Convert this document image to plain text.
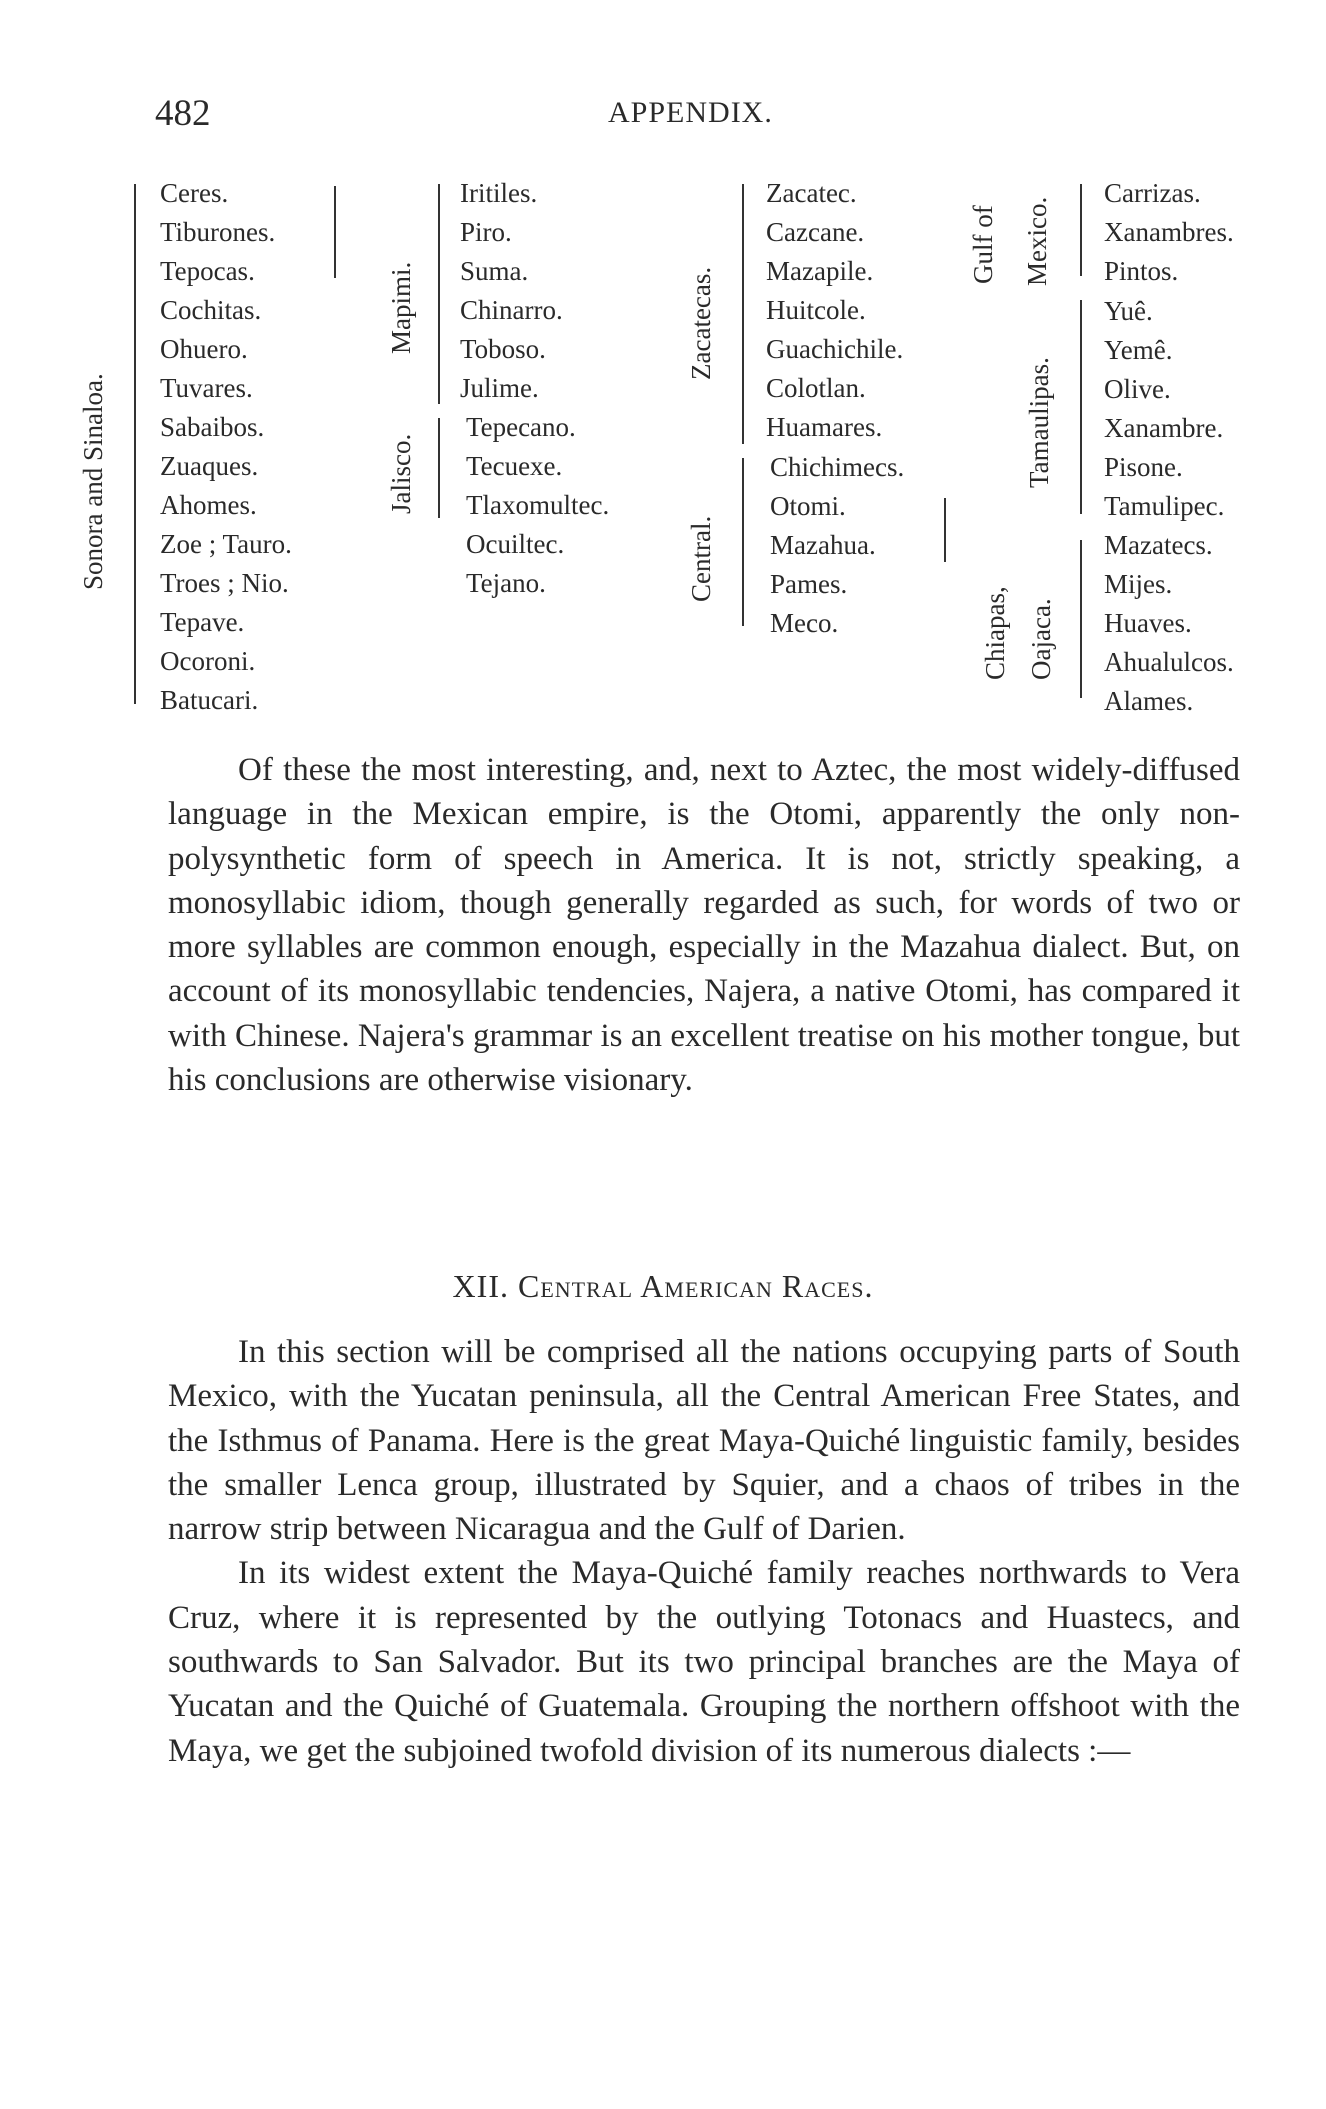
482	APPENDIX.
Sonora and Sinaloa.
Ceres.
Tiburones.
Tepocas.
Cochitas.
Ohuero.
Tuvares.
Sabaibos.
Zuaques.
Ahomes.
Zoe ; Tauro.
Troes ; Nio.
Tepave.
Ocoroni.
Batucari.
Mapimi.
Iritiles.
Piro.
Suma.
Chinarro.
Toboso.
Julime.
Jalisco.
Tepecano.
Tecuexe.
Tlaxomultec.
Ocuiltec.
Tejano.
Zacatecas.
Zacatec.
Cazcane.
Mazapile.
Huitcole.
Guachichile.
Colotlan.
Huamares.
Central.
Chichimecs.
Otomi.
Mazahua.
Pames.
Meco.
Gulf of Mexico.
Carrizas.
Xanambres.
Pintos.
Tamaulipas.
Yuê.
Yemê.
Olive.
Xanambre.
Pisone.
Tamulipec.
Chiapas, Oajaca.
Mazatecs.
Mijes.
Huaves.
Ahualulcos.
Alames.

Of these the most interesting, and, next to Aztec, the most widely-diffused language in the Mexican empire, is the Otomi, apparently the only non-polysynthetic form of speech in America. It is not, strictly speaking, a monosyllabic idiom, though generally regarded as such, for words of two or more syllables are common enough, especially in the Mazahua dialect. But, on account of its monosyllabic tendencies, Najera, a native Otomi, has compared it with Chinese. Najera's grammar is an excellent treatise on his mother tongue, but his conclusions are otherwise visionary.

XII. Central American Races.

In this section will be comprised all the nations occupying parts of South Mexico, with the Yucatan peninsula, all the Central American Free States, and the Isthmus of Panama. Here is the great Maya-Quiché linguistic family, besides the smaller Lenca group, illustrated by Squier, and a chaos of tribes in the narrow strip between Nicaragua and the Gulf of Darien.

In its widest extent the Maya-Quiché family reaches northwards to Vera Cruz, where it is represented by the outlying Totonacs and Huastecs, and southwards to San Salvador. But its two principal branches are the Maya of Yucatan and the Quiché of Guatemala. Grouping the northern offshoot with the Maya, we get the subjoined twofold division of its numerous dialects :—
